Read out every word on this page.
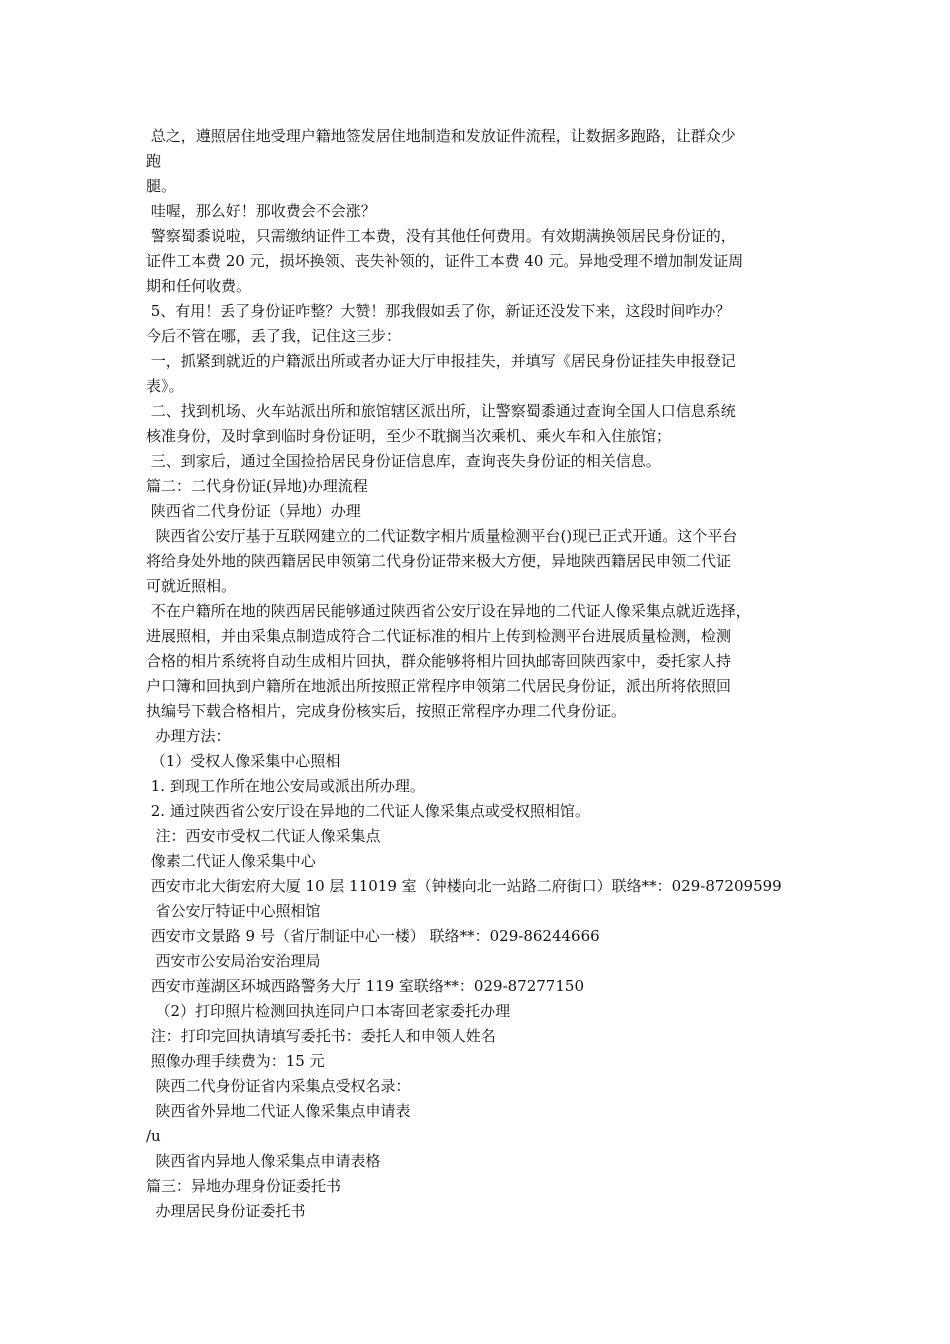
总之，遵照居住地受理户籍地签发居住地制造和发放证件流程，让数据多跑路，让群众少
跑
腿。
哇喔，那么好！那收费会不会涨？
警察蜀黍说啦，只需缴纳证件工本费，没有其他任何费用。有效期满换领居民身份证的，
证件工本费 20 元，损坏换领、丧失补领的，证件工本费 40 元。异地受理不增加制发证周
期和任何收费。
5、有用！丢了身份证咋整？大赞！那我假如丢了你，新证还没发下来，这段时间咋办？
今后不管在哪，丢了我，记住这三步：
一，抓紧到就近的户籍派出所或者办证大厅申报挂失，并填写《居民身份证挂失申报登记
表》。
二、找到机场、火车站派出所和旅馆辖区派出所，让警察蜀黍通过查询全国人口信息系统
核准身份，及时拿到临时身份证明，至少不耽搁当次乘机、乘火车和入住旅馆；
三、到家后，通过全国捡拾居民身份证信息库，查询丧失身份证的相关信息。
篇二：二代身份证(异地)办理流程
陕西省二代身份证（异地）办理
陕西省公安厅基于互联网建立的二代证数字相片质量检测平台()现已正式开通。这个平台
将给身处外地的陕西籍居民申领第二代身份证带来极大方便，异地陕西籍居民申领二代证
可就近照相。
不在户籍所在地的陕西居民能够通过陕西省公安厅设在异地的二代证人像采集点就近选择，
进展照相，并由采集点制造成符合二代证标准的相片上传到检测平台进展质量检测，检测
合格的相片系统将自动生成相片回执，群众能够将相片回执邮寄回陕西家中，委托家人持
户口簿和回执到户籍所在地派出所按照正常程序申领第二代居民身份证，派出所将依照回
执编号下载合格相片，完成身份核实后，按照正常程序办理二代身份证。
办理方法：
（1）受权人像采集中心照相
1. 到现工作所在地公安局或派出所办理。
2. 通过陕西省公安厅设在异地的二代证人像采集点或受权照相馆。
注：西安市受权二代证人像采集点
像素二代证人像采集中心
西安市北大街宏府大厦 10 层 11019 室（钟楼向北一站路二府街口）联络**：029-87209599
省公安厅特证中心照相馆
西安市文景路 9 号（省厅制证中心一楼） 联络**：029-86244666
西安市公安局治安治理局
西安市莲湖区环城西路警务大厅 119 室联络**：029-87277150
（2）打印照片检测回执连同户口本寄回老家委托办理
注：打印完回执请填写委托书：委托人和申领人姓名
照像办理手续费为：15 元
陕西二代身份证省内采集点受权名录：
陕西省外异地二代证人像采集点申请表
/u
陕西省内异地人像采集点申请表格
篇三：异地办理身份证委托书
办理居民身份证委托书
